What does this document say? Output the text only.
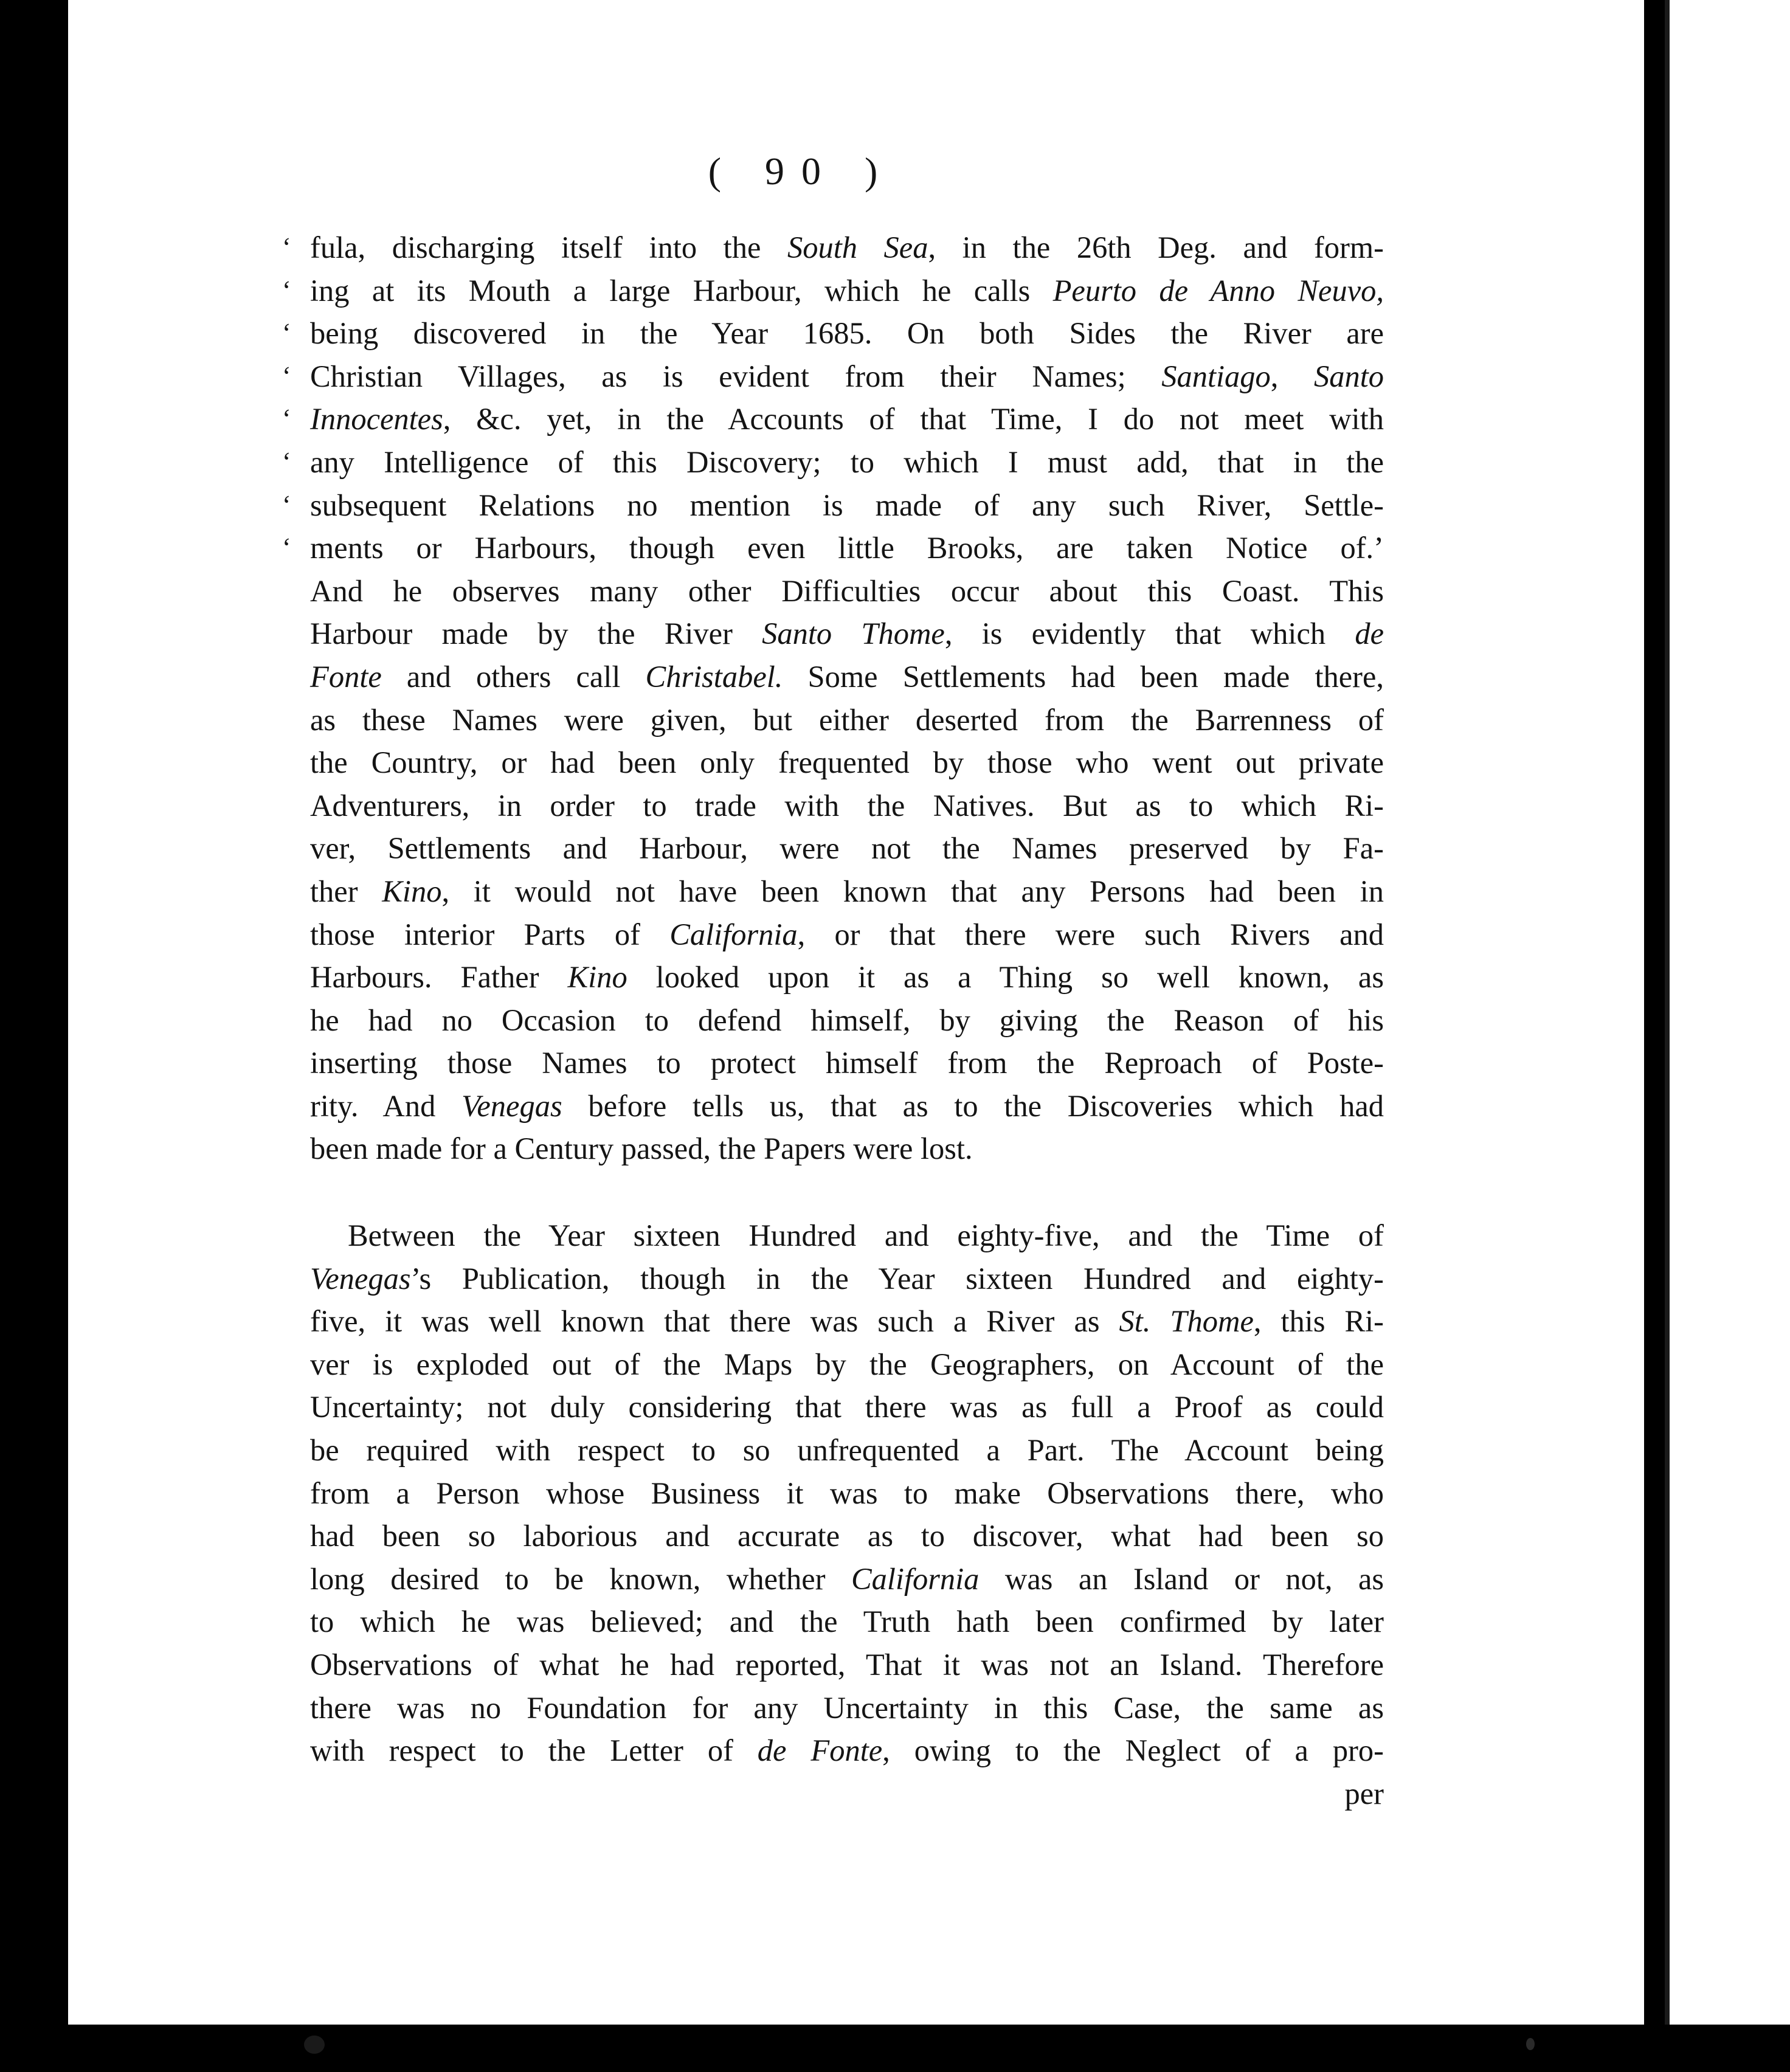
( 90 )
‘ fula, discharging itself into the South Sea, in the 26th Deg. and form-
‘ ing at its Mouth a large Harbour, which he calls Peurto de Anno Neuvo,
‘ being discovered in the Year 1685. On both Sides the River are
‘ Christian Villages, as is evident from their Names; Santiago, Santo
‘ Innocentes, &c. yet, in the Accounts of that Time, I do not meet with
‘ any Intelligence of this Discovery; to which I must add, that in the
‘ subsequent Relations no mention is made of any such River, Settle-
‘ ments or Harbours, though even little Brooks, are taken Notice of.’
And he observes many other Difficulties occur about this Coast. This
Harbour made by the River Santo Thome, is evidently that which de
Fonte and others call Christabel. Some Settlements had been made there,
as these Names were given, but either deserted from the Barrenness of
the Country, or had been only frequented by those who went out private
Adventurers, in order to trade with the Natives. But as to which Ri-
ver, Settlements and Harbour, were not the Names preserved by Fa-
ther Kino, it would not have been known that any Persons had been in
those interior Parts of California, or that there were such Rivers and
Harbours. Father Kino looked upon it as a Thing so well known, as
he had no Occasion to defend himself, by giving the Reason of his
inserting those Names to protect himself from the Reproach of Poste-
rity. And Venegas before tells us, that as to the Discoveries which had
been made for a Century passed, the Papers were lost.
Between the Year sixteen Hundred and eighty-five, and the Time of
Venegas’s Publication, though in the Year sixteen Hundred and eighty-
five, it was well known that there was such a River as St. Thome, this Ri-
ver is exploded out of the Maps by the Geographers, on Account of the
Uncertainty; not duly considering that there was as full a Proof as could
be required with respect to so unfrequented a Part. The Account being
from a Person whose Business it was to make Observations there, who
had been so laborious and accurate as to discover, what had been so
long desired to be known, whether California was an Island or not, as
to which he was believed; and the Truth hath been confirmed by later
Observations of what he had reported, That it was not an Island. Therefore
there was no Foundation for any Uncertainty in this Case, the same as
with respect to the Letter of de Fonte, owing to the Neglect of a pro-
per
